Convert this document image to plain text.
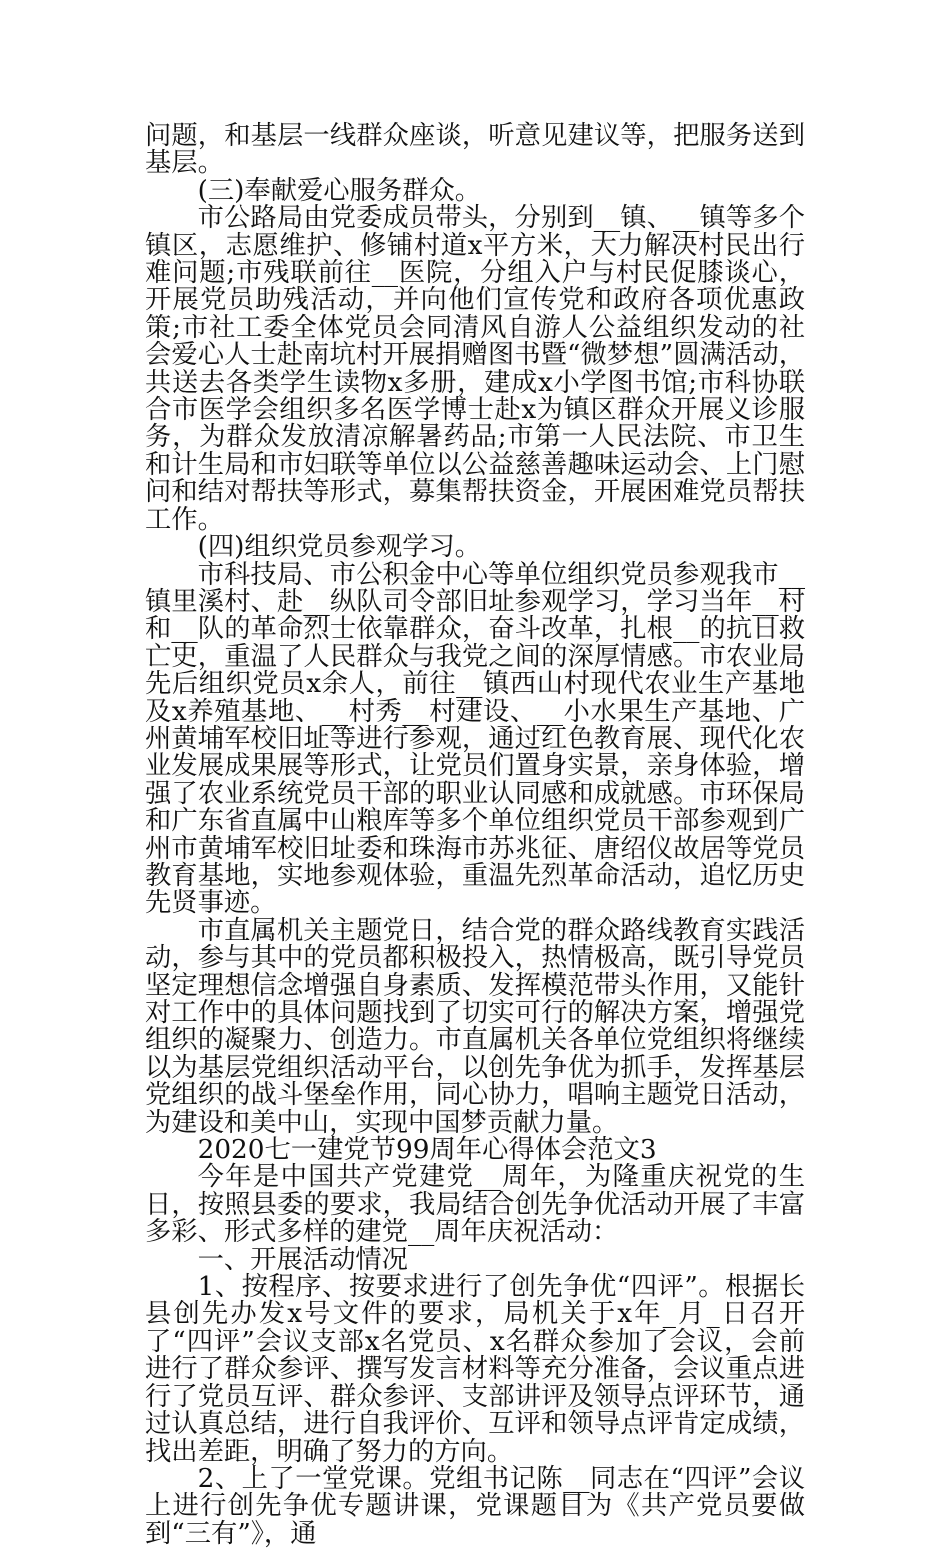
问题，和基层一线群众座谈，听意见建议等，把服务送到基层。

(三)奉献爱心服务群众。

市公路局由党委成员带头，分别到__镇、__镇等多个镇区，志愿维护、修铺村道x平方米，大力解决村民出行难问题;市残联前往__医院，分组入户与村民促膝谈心，开展党员助残活动，并向他们宣传党和政府各项优惠政策;市社工委全体党员会同清风自游人公益组织发动的社会爱心人士赴南坑村开展捐赠图书暨“微梦想”圆满活动，共送去各类学生读物x多册，建成x小学图书馆;市科协联合市医学会组织多名医学博士赴x为镇区群众开展义诊服务，为群众发放清凉解暑药品;市第一人民法院、市卫生和计生局和市妇联等单位以公益慈善趣味运动会、上门慰问和结对帮扶等形式，募集帮扶资金，开展困难党员帮扶工作。

(四)组织党员参观学习。

市科技局、市公积金中心等单位组织党员参观我市__镇里溪村、赴__纵队司令部旧址参观学习，学习当年__村和__队的革命烈士依靠群众，奋斗改革，扎根__的抗日救亡史，重温了人民群众与我党之间的深厚情感。市农业局先后组织党员x余人，前往__镇西山村现代农业生产基地及x养殖基地、__村秀__村建设、__小水果生产基地、广州黄埔军校旧址等进行参观，通过红色教育展、现代化农业发展成果展等形式，让党员们置身实景，亲身体验，增强了农业系统党员干部的职业认同感和成就感。市环保局和广东省直属中山粮库等多个单位组织党员干部参观到广州市黄埔军校旧址委和珠海市苏兆征、唐绍仪故居等党员教育基地，实地参观体验，重温先烈革命活动，追忆历史先贤事迹。

市直属机关主题党日，结合党的群众路线教育实践活动，参与其中的党员都积极投入，热情极高，既引导党员坚定理想信念增强自身素质、发挥模范带头作用，又能针对工作中的具体问题找到了切实可行的解决方案，增强党组织的凝聚力、创造力。市直属机关各单位党组织将继续以为基层党组织活动平台，以创先争优为抓手，发挥基层党组织的战斗堡垒作用，同心协力，唱响主题党日活动，为建设和美中山，实现中国梦贡献力量。

2020七一建党节99周年心得体会范文3

今年是中国共产党建党__周年，为隆重庆祝党的生日，按照县委的要求，我局结合创先争优活动开展了丰富多彩、形式多样的建党__周年庆祝活动：

一、开展活动情况

1、按程序、按要求进行了创先争优“四评”。根据长县创先办发x号文件的要求，局机关于x年_月_日召开了“四评”会议支部x名党员、x名群众参加了会议，会前进行了群众参评、撰写发言材料等充分准备，会议重点进行了党员互评、群众参评、支部讲评及领导点评环节，通过认真总结，进行自我评价、互评和领导点评肯定成绩，找出差距，明确了努力的方向。

2、上了一堂党课。党组书记陈__同志在“四评”会议上进行创先争优专题讲课，党课题目为《共产党员要做到“三有”》，通
